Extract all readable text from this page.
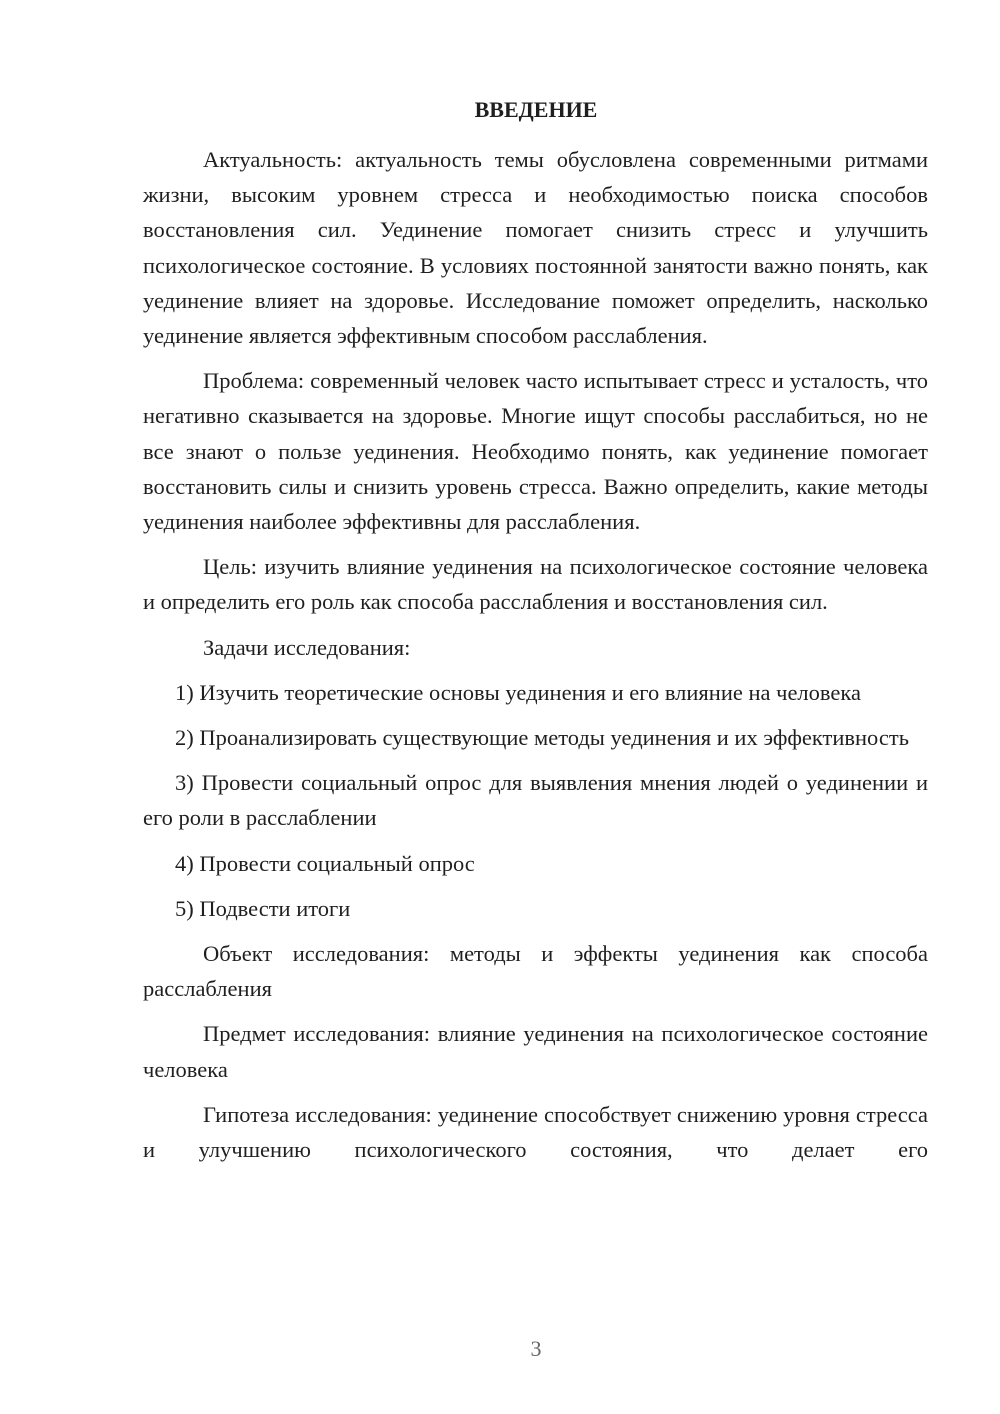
ВВЕДЕНИЕ

Актуальность: актуальность темы обусловлена современными ритмами жизни, высоким уровнем стресса и необходимостью поиска способов восстановления сил. Уединение помогает снизить стресс и улучшить психологическое состояние. В условиях постоянной занятости важно понять, как уединение влияет на здоровье. Исследование поможет определить, насколько уединение является эффективным способом расслабления.

Проблема: современный человек часто испытывает стресс и усталость, что негативно сказывается на здоровье. Многие ищут способы расслабиться, но не все знают о пользе уединения. Необходимо понять, как уединение помогает восстановить силы и снизить уровень стресса. Важно определить, какие методы уединения наиболее эффективны для расслабления.

Цель: изучить влияние уединения на психологическое состояние человека и определить его роль как способа расслабления и восстановления сил.

Задачи исследования:

1) Изучить теоретические основы уединения и его влияние на человека

2) Проанализировать существующие методы уединения и их эффективность

3) Провести социальный опрос для выявления мнения людей о уединении и его роли в расслаблении

4) Провести социальный опрос

5) Подвести итоги

Объект исследования: методы и эффекты уединения как способа расслабления

Предмет исследования: влияние уединения на психологическое состояние человека

Гипотеза исследования: уединение способствует снижению уровня стресса и улучшению психологического состояния, что делает его

3
